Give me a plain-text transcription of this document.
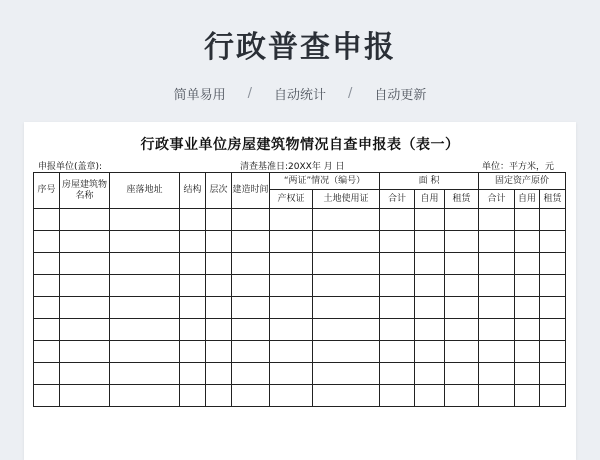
行政普查申报
简单易用 / 自动统计 / 自动更新
行政事业单位房屋建筑物情况自查申报表（表一）
申报单位(盖章):	清查基准日:20XX年 月 日	单位：平方米，元
序号	房屋建筑物名称	座落地址	结构	层次	建造时间	“两证”情况（编号）		面 积			固定资产原价		
						产权证	土地使用证	合计	自用	租赁	合计	自用	租赁
